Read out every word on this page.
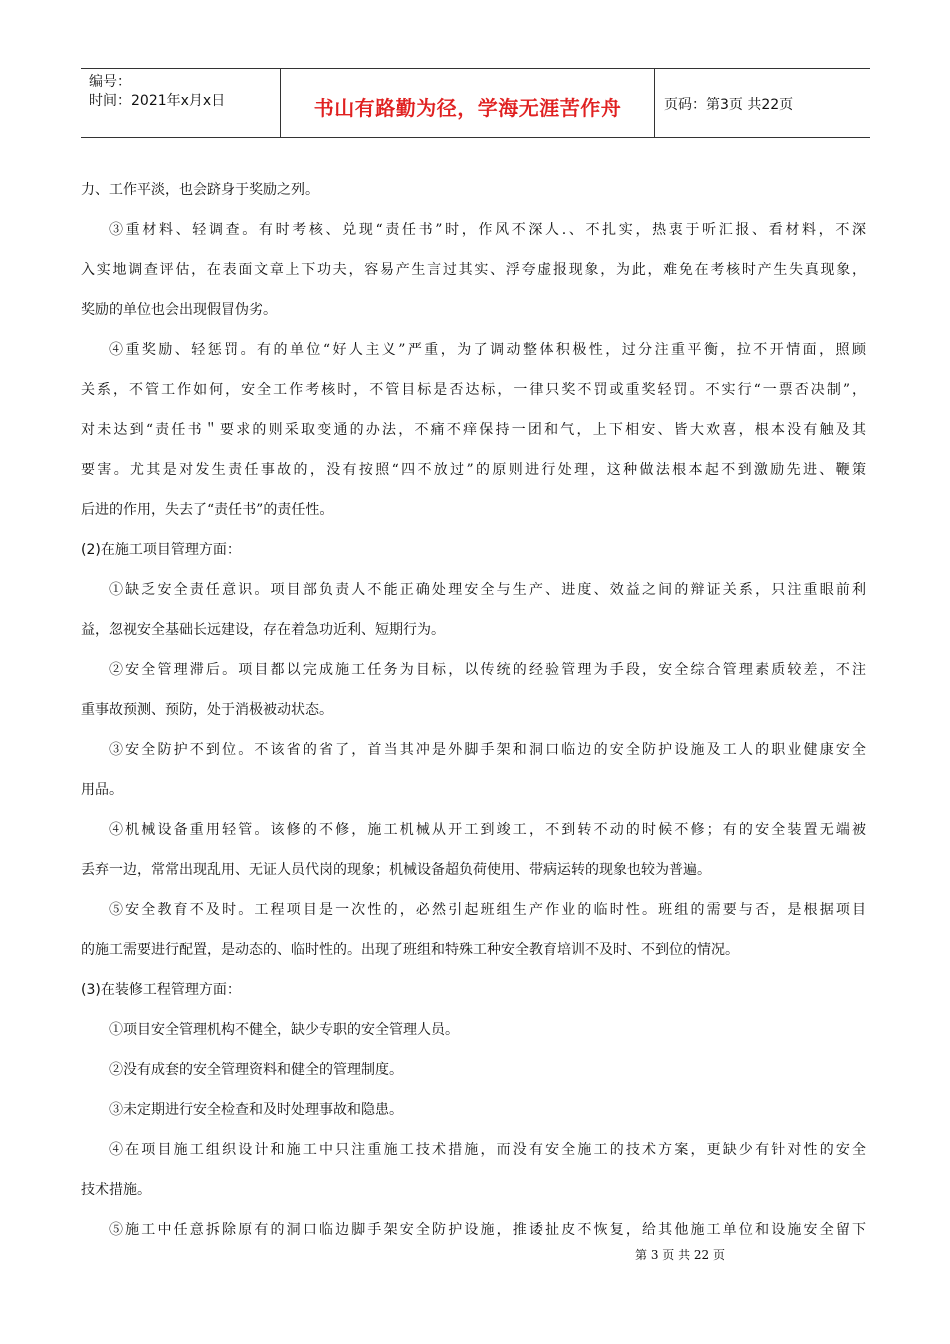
编号：
时间：2021年x月x日	书山有路勤为径，学海无涯苦作舟	页码：第3页 共22页
力、工作平淡，也会跻身于奖励之列。
③重材料、轻调查。有时考核、兑现“责任书”时，作风不深人.、不扎实，热衷于听汇报、看材料，不深
入实地调查评估，在表面文章上下功夫，容易产生言过其实、浮夸虚报现象，为此，难免在考核时产生失真现象，
奖励的单位也会出现假冒伪劣。
④重奖励、轻惩罚。有的单位“好人主义”严重，为了调动整体积极性，过分注重平衡，拉不开情面，照顾
关系，不管工作如何，安全工作考核时，不管目标是否达标，一律只奖不罚或重奖轻罚。不实行“一票否决制”，
对未达到“责任书＂要求的则采取变通的办法，不痛不痒保持一团和气，上下相安、皆大欢喜，根本没有触及其
要害。尤其是对发生责任事故的，没有按照“四不放过”的原则进行处理，这种做法根本起不到激励先进、鞭策
后进的作用，失去了“责任书”的责任性。
(2)在施工项目管理方面：
①缺乏安全责任意识。项目部负责人不能正确处理安全与生产、进度、效益之间的辩证关系，只注重眼前利
益，忽视安全基础长远建设，存在着急功近利、短期行为。
②安全管理滞后。项目都以完成施工任务为目标，以传统的经验管理为手段，安全综合管理素质较差，不注
重事故预测、预防，处于消极被动状态。
③安全防护不到位。不该省的省了，首当其冲是外脚手架和洞口临边的安全防护设施及工人的职业健康安全
用品。
④机械设备重用轻管。该修的不修，施工机械从开工到竣工，不到转不动的时候不修；有的安全装置无端被
丢弃一边，常常出现乱用、无证人员代岗的现象；机械设备超负荷使用、带病运转的现象也较为普遍。
⑤安全教育不及时。工程项目是一次性的，必然引起班组生产作业的临时性。班组的需要与否，是根据项目
的施工需要进行配置，是动态的、临时性的。出现了班组和特殊工种安全教育培训不及时、不到位的情况。
(3)在装修工程管理方面：
①项目安全管理机构不健全，缺少专职的安全管理人员。
②没有成套的安全管理资料和健全的管理制度。
③未定期进行安全检查和及时处理事故和隐患。
④在项目施工组织设计和施工中只注重施工技术措施，而没有安全施工的技术方案，更缺少有针对性的安全
技术措施。
⑤施工中任意拆除原有的洞口临边脚手架安全防护设施，推诿扯皮不恢复，给其他施工单位和设施安全留下
第 3 页 共 22 页
